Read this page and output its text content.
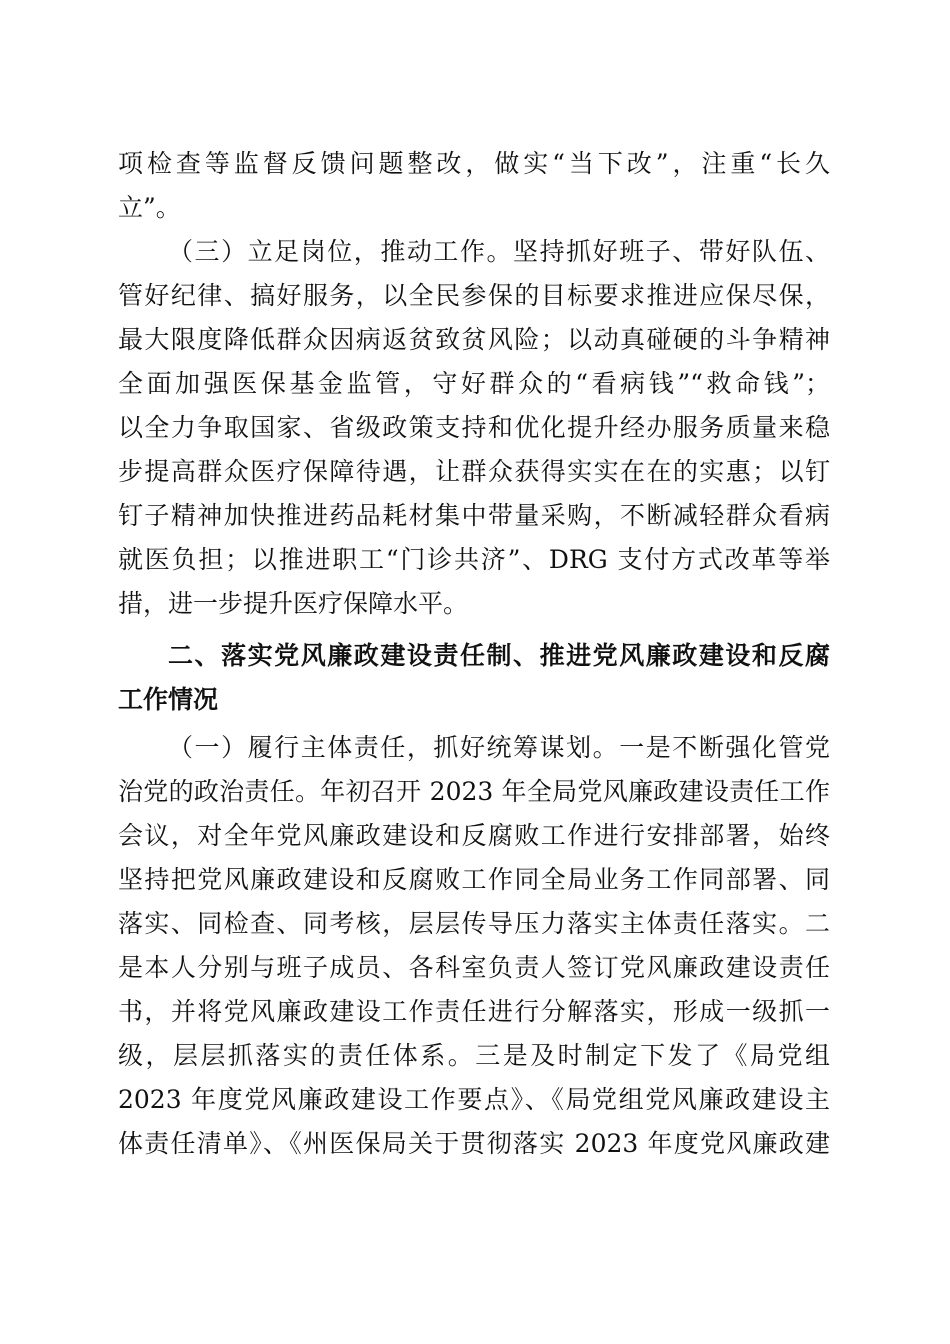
项检查等监督反馈问题整改，做实“当下改”，注重“长久
立”。
（三）立足岗位，推动工作。坚持抓好班子、带好队伍、
管好纪律、搞好服务，以全民参保的目标要求推进应保尽保，
最大限度降低群众因病返贫致贫风险；以动真碰硬的斗争精神
全面加强医保基金监管，守好群众的“看病钱”“救命钱”；
以全力争取国家、省级政策支持和优化提升经办服务质量来稳
步提高群众医疗保障待遇，让群众获得实实在在的实惠；以钉
钉子精神加快推进药品耗材集中带量采购，不断减轻群众看病
就医负担；以推进职工“门诊共济”、DRG 支付方式改革等举
措，进一步提升医疗保障水平。
二、落实党风廉政建设责任制、推进党风廉政建设和反腐
工作情况
（一）履行主体责任，抓好统筹谋划。一是不断强化管党
治党的政治责任。年初召开 2023 年全局党风廉政建设责任工作
会议，对全年党风廉政建设和反腐败工作进行安排部署，始终
坚持把党风廉政建设和反腐败工作同全局业务工作同部署、同
落实、同检查、同考核，层层传导压力落实主体责任落实。二
是本人分别与班子成员、各科室负责人签订党风廉政建设责任
书，并将党风廉政建设工作责任进行分解落实，形成一级抓一
级，层层抓落实的责任体系。三是及时制定下发了《局党组
2023 年度党风廉政建设工作要点》、《局党组党风廉政建设主
体责任清单》、《州医保局关于贯彻落实 2023 年度党风廉政建
